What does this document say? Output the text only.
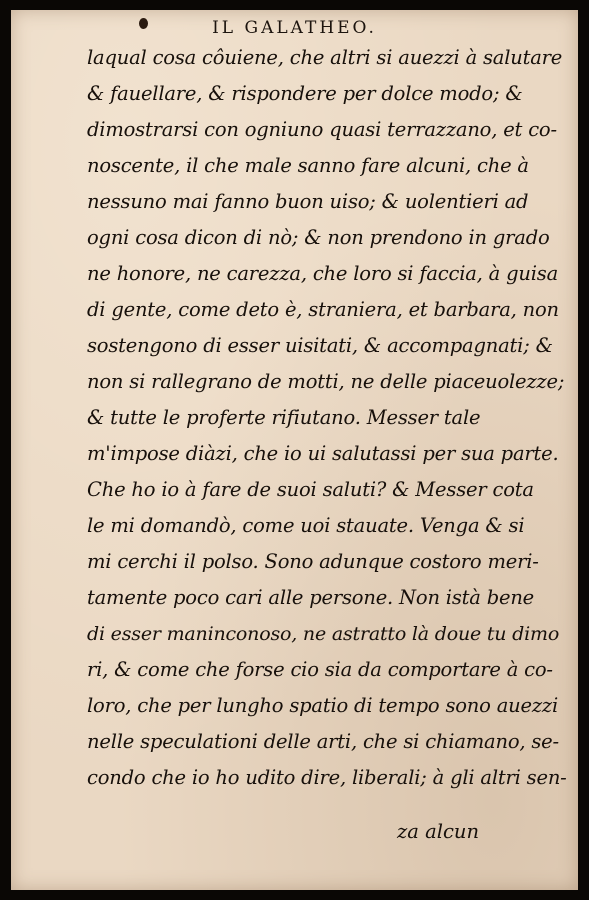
IL GALATHEO.
laqual cosa côuiene, che altri si auezzi à salutare
& fauellare, & rispondere per dolce modo; &
dimostrarsi con ogniuno quasi terrazzano, et co-
noscente, il che male sanno fare alcuni, che à
nessuno mai fanno buon uiso; & uolentieri ad
ogni cosa dicon di nò; & non prendono in grado
ne honore, ne carezza, che loro si faccia, à guisa
di gente, come deto è, straniera, et barbara, non
sostengono di esser uisitati, & accompagnati; &
non si rallegrano de motti, ne delle piaceuolezze;
& tutte le proferte rifiutano. Messer tale
m'impose diàzi, che io ui salutassi per sua parte.
Che ho io à fare de suoi saluti? & Messer cota
le mi domandò, come uoi stauate. Venga & si
mi cerchi il polso. Sono adunque costoro meri-
tamente poco cari alle persone. Non istà bene
di esser maninconoso, ne astratto là doue tu dimo
ri, & come che forse cio sia da comportare à co-
loro, che per lungho spatio di tempo sono auezzi
nelle speculationi delle arti, che si chiamano, se-
condo che io ho udito dire, liberali; à gli altri sen-
za alcun
